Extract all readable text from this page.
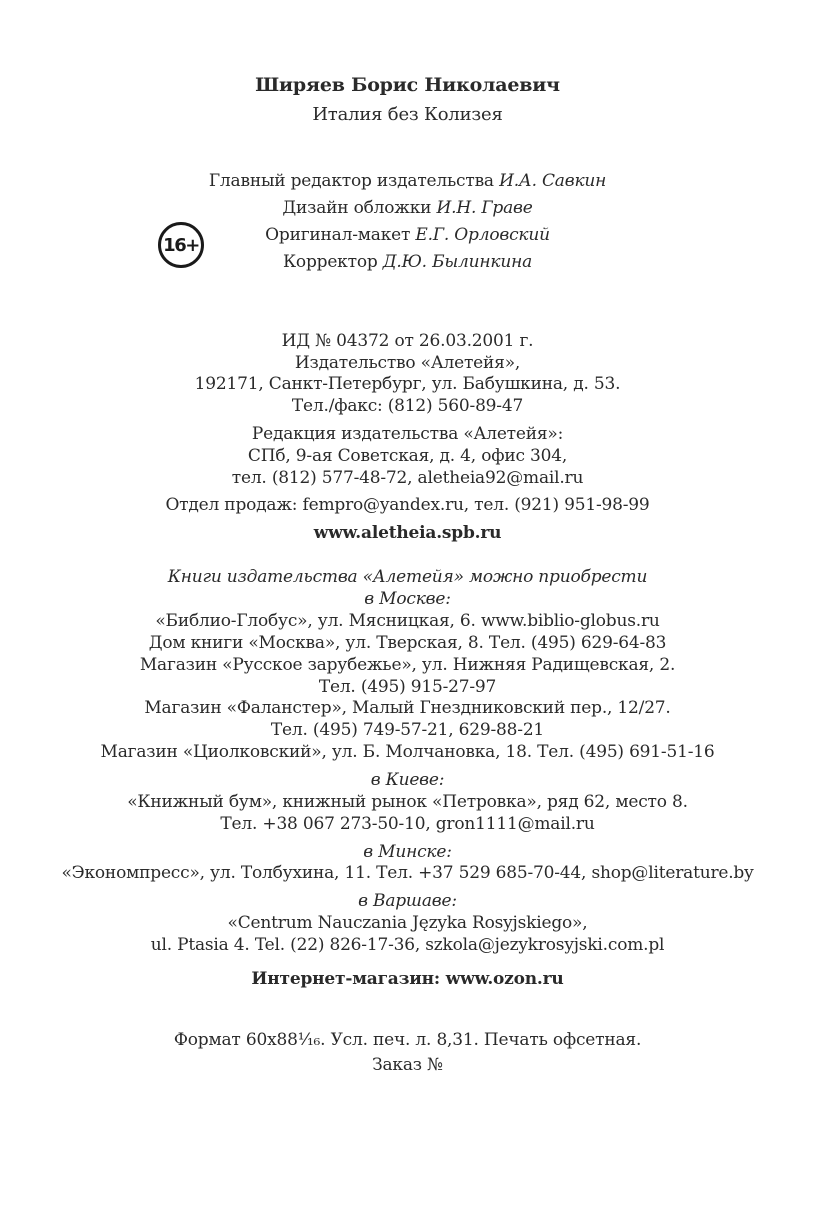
Ширяев Борис Николаевич
Италия без Колизея
Главный редактор издательства И.А. Савкин
Дизайн обложки И.Н. Граве
Оригинал-макет Е.Г. Орловский
Корректор Д.Ю. Былинкина
16+
ИД № 04372 от 26.03.2001 г.
Издательство «Алетейя»,
192171, Санкт-Петербург, ул. Бабушкина, д. 53.
Тел./факс: (812) 560-89-47
Редакция издательства «Алетейя»:
СПб, 9-ая Советская, д. 4, офис 304,
тел. (812) 577-48-72, aletheia92@mail.ru
Отдел продаж: fempro@yandex.ru, тел. (921) 951-98-99
www.aletheia.spb.ru
Книги издательства «Алетейя» можно приобрести
в Москве:
«Библио-Глобус», ул. Мясницкая, 6. www.biblio-globus.ru
Дом книги «Москва», ул. Тверская, 8. Тел. (495) 629-64-83
Магазин «Русское зарубежье», ул. Нижняя Радищевская, 2.
Тел. (495) 915-27-97
Магазин «Фаланстер», Малый Гнездниковский пер., 12/27.
Тел. (495) 749-57-21, 629-88-21
Магазин «Циолковский», ул. Б. Молчановка, 18. Тел. (495) 691-51-16
в Киеве:
«Книжный бум», книжный рынок «Петровка», ряд 62, место 8.
Тел. +38 067 273-50-10, gron1111@mail.ru
в Минске:
«Экономпресс», ул. Толбухина, 11. Тел. +37 529 685-70-44, shop@literature.by
в Варшаве:
«Centrum Nauczania Języka Rosyjskiego»,
ul. Ptasia 4. Tel. (22) 826-17-36, szkola@jezykrosyjski.com.pl
Интернет-магазин: www.ozon.ru
Формат 60x88¹⁄₁₆. Усл. печ. л. 8,31. Печать офсетная.
Заказ №
